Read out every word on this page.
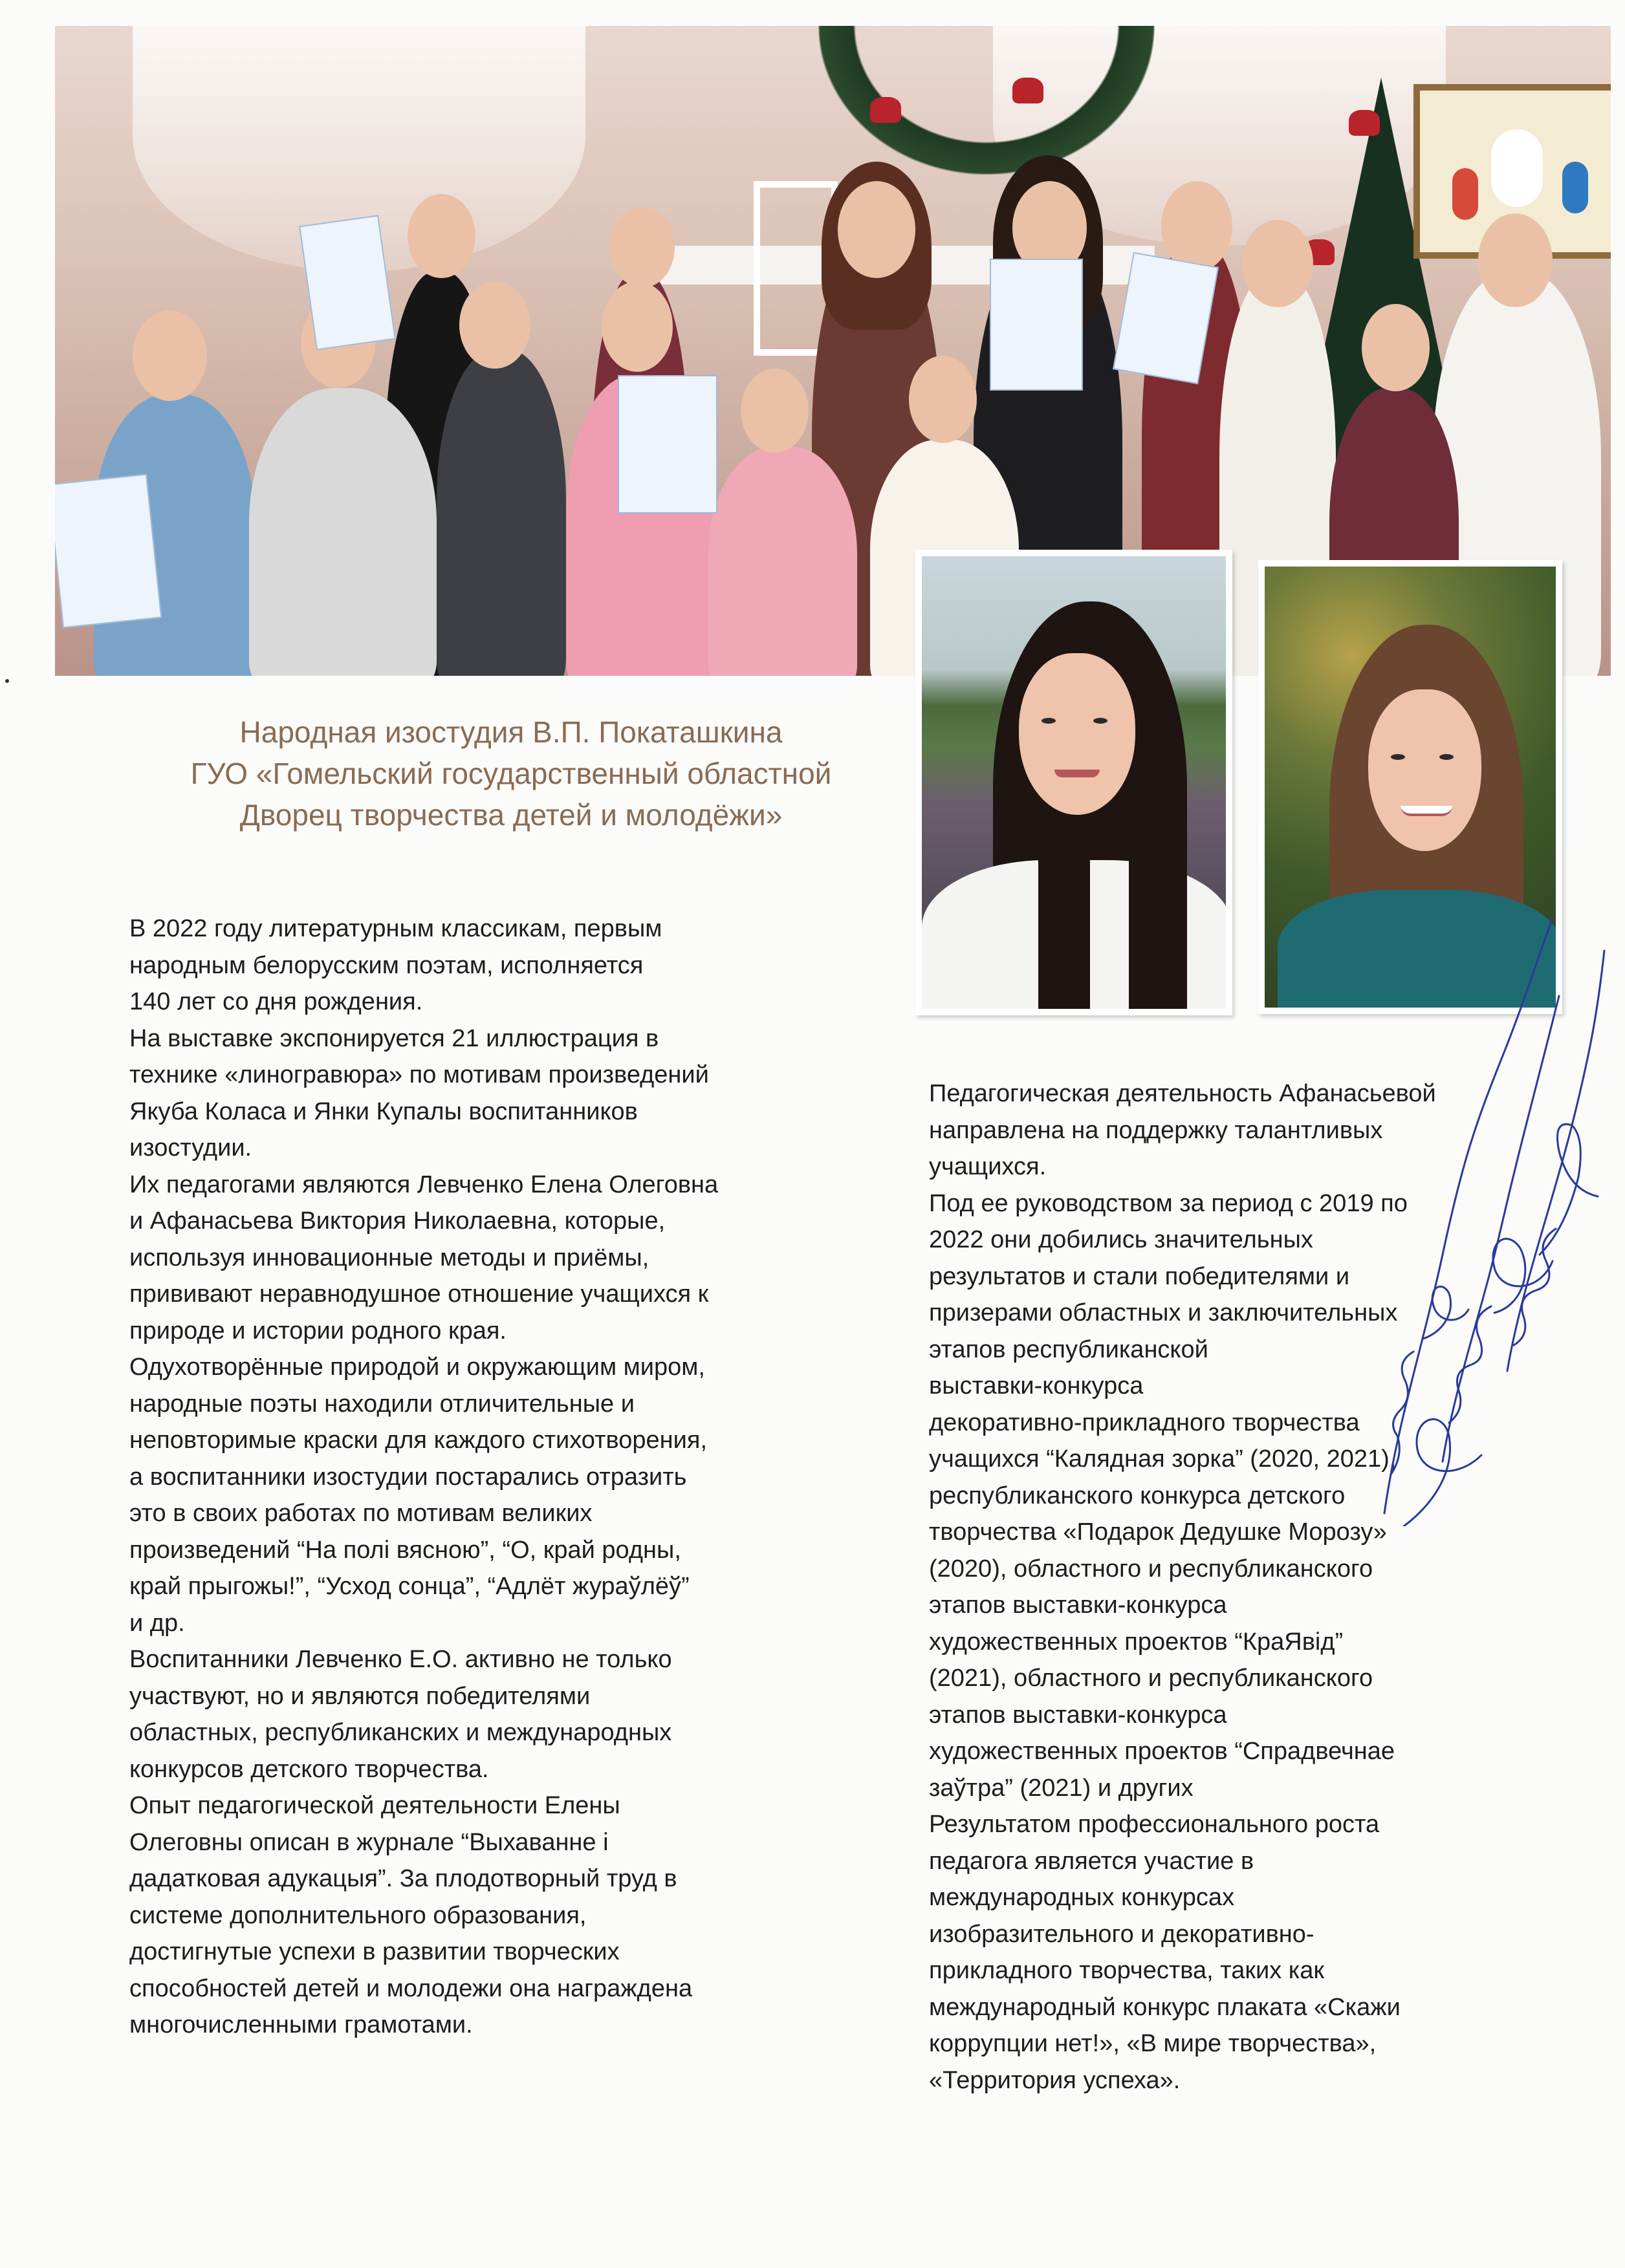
Народная изостудия В.П. Покаташкина
ГУО «Гомельский государственный областной
Дворец творчества детей и молодёжи»
В 2022 году литературным классикам, первым
народным белорусским поэтам, исполняется
140 лет со дня рождения.
На выставке экспонируется 21 иллюстрация в
технике «линогравюра» по мотивам произведений
Якуба Коласа и Янки Купалы воспитанников
изостудии.
Их педагогами являются Левченко Елена Олеговна
и Афанасьева Виктория Николаевна, которые,
используя инновационные методы и приёмы,
прививают неравнодушное отношение учащихся к
природе и истории родного края.
Одухотворённые природой и окружающим миром,
народные поэты находили отличительные и
неповторимые краски для каждого стихотворения,
а воспитанники изостудии постарались отразить
это в своих работах по мотивам великих
произведений “На полі вясною”, “О, край родны,
край прыгожы!”, “Усход сонца”, “Адлёт жураўлёў”
и др.
Воспитанники Левченко Е.О. активно не только
участвуют, но и являются победителями
областных, республиканских и международных
конкурсов детского творчества.
Опыт педагогической деятельности Елены
Олеговны описан в журнале “Выхаванне і
дадатковая адукацыя”. За плодотворный труд в
системе дополнительного образования,
достигнутые успехи в развитии творческих
способностей детей и молодежи она награждена
многочисленными грамотами.
Педагогическая деятельность Афанасьевой
направлена на поддержку талантливых
учащихся.
Под ее руководством за период с 2019 по
2022 они добились значительных
результатов и стали победителями и
призерами областных и заключительных
этапов республиканской
выставки-конкурса
декоративно-прикладного творчества
учащихся “Калядная зорка” (2020, 2021),
республиканского конкурса детского
творчества «Подарок Дедушке Морозу»
(2020), областного и республиканского
этапов выставки-конкурса
художественных проектов “КраЯвід”
(2021), областного и республиканского
этапов выставки-конкурса
художественных проектов “Спрадвечнае
заўтра” (2021) и других
Результатом профессионального роста
педагога является участие в
международных конкурсах
изобразительного и декоративно-
прикладного творчества, таких как
международный конкурс плаката «Скажи
коррупции нет!», «В мире творчества»,
«Территория успеха».
